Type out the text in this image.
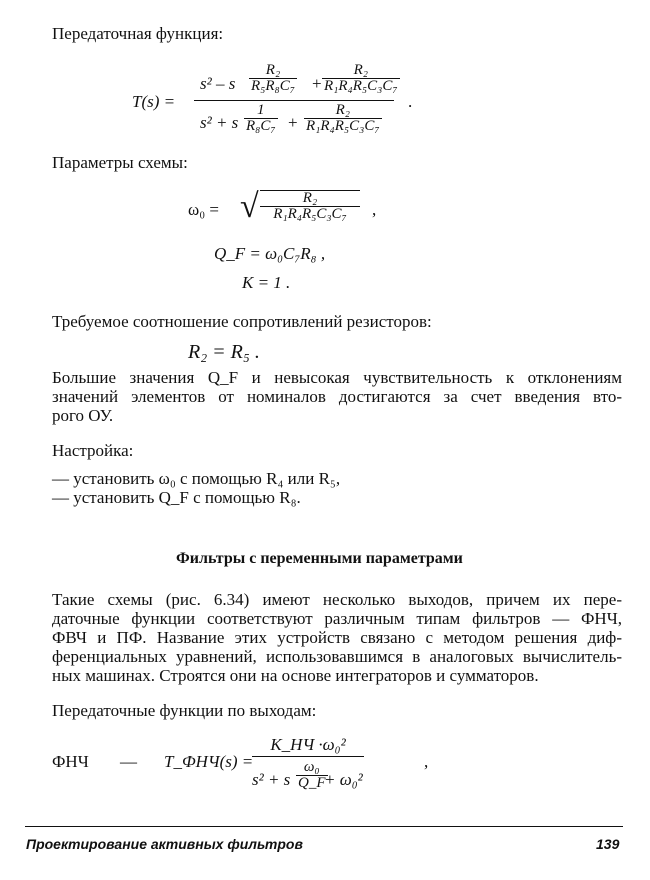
Передаточная функция:
T(s) =
s² – s $\frac{\text{R₂}}{\text{R₅R₈C₇}} + \frac{\text{R₂}}{\text{R₁R₄R₅C₃C₇}}$
s² + s $\frac{1}{\text{R₈C₇}} + \frac{\text{R₂}}{\text{R₁R₄R₅C₃C₇}}$
.
Параметры схемы:
ω₀ = √	R₂
R₁R₄R₅C₃C₇	,
Q_F = ω₀C₇R₈ ,
K = 1 .
Требуемое соотношение сопротивлений резисторов:
R₂ = R₅ .
Большие значения Q_F и невысокая чувствительность к отклонениям
значений элементов от номиналов достигаются за счет введения вто-
рого ОУ.
Настройка:
— установить ω₀ с помощью R₄ или R₅,
— установить Q_F с помощью R₈.
Фильтры с переменными параметрами
Такие схемы (рис. 6.34) имеют несколько выходов, причем их пере-
даточные функции соответствуют различным типам фильтров — ФНЧ,
ФВЧ и ПФ. Название этих устройств связано с методом решения диф-
ференциальных уравнений, использовавшимся в аналоговых вычислитель-
ных машинах. Строятся они на основе интеграторов и сумматоров.
Передаточные функции по выходам:
ФНЧ — T_ФНЧ(s) =
K_НЧ ·ω₀²
s² + s $\frac{\text{ω₀}}{Q\_F}$
+ ω₀²
,
Проектирование активных фильтров	139
